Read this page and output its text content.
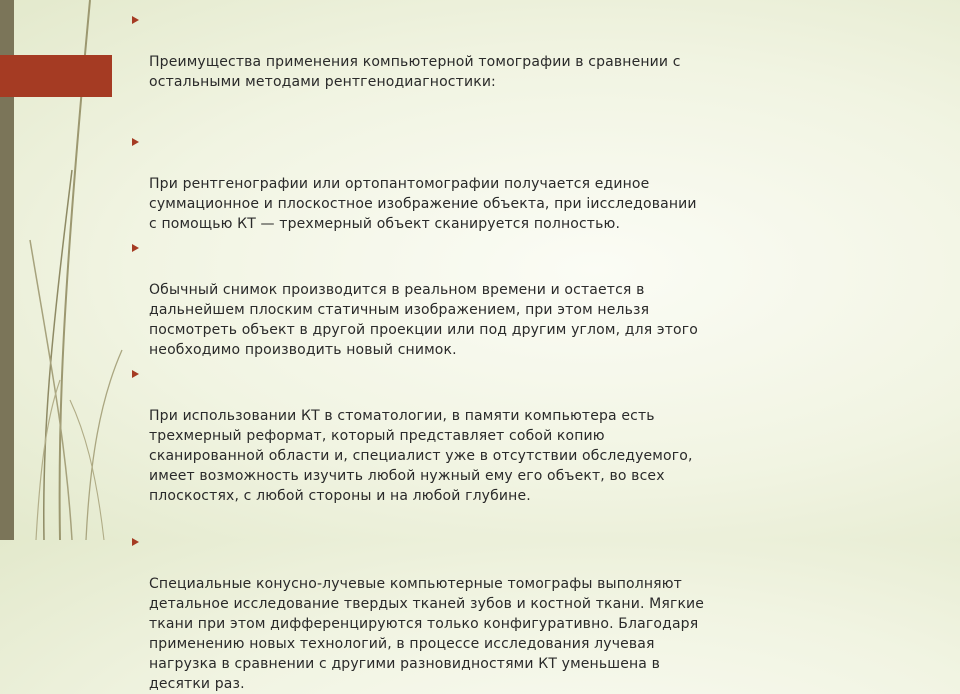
Преимущества применения компьютерной томографии в сравнении с
остальными методами рентгенодиагностики:

При рентгенографии или ортопантомографии получается единое
суммационное и плоскостное изображение объекта, при iисследовании
с помощью КТ — трехмерный объект сканируется полностью.

Обычный снимок производится в реальном времени и остается в
дальнейшем плоским статичным изображением, при этом нельзя
посмотреть объект в другой проекции или под другим углом, для этого
необходимо производить новый снимок.

При использовании КТ в стоматологии, в памяти компьютера есть
трехмерный реформат, который представляет собой копию
сканированной области и, специалист уже в отсутствии обследуемого,
имеет возможность изучить любой нужный ему его объект, во всех
плоскостях, с любой стороны и на любой глубине.

Специальные конусно-лучевые компьютерные томографы выполняют
детальное исследование твердых тканей зубов и костной ткани. Мягкие
ткани при этом дифференцируются только конфигуративно. Благодаря
применению новых технологий, в процессе исследования лучевая
нагрузка в сравнении с другими разновидностями КТ уменьшена в
десятки раз.
